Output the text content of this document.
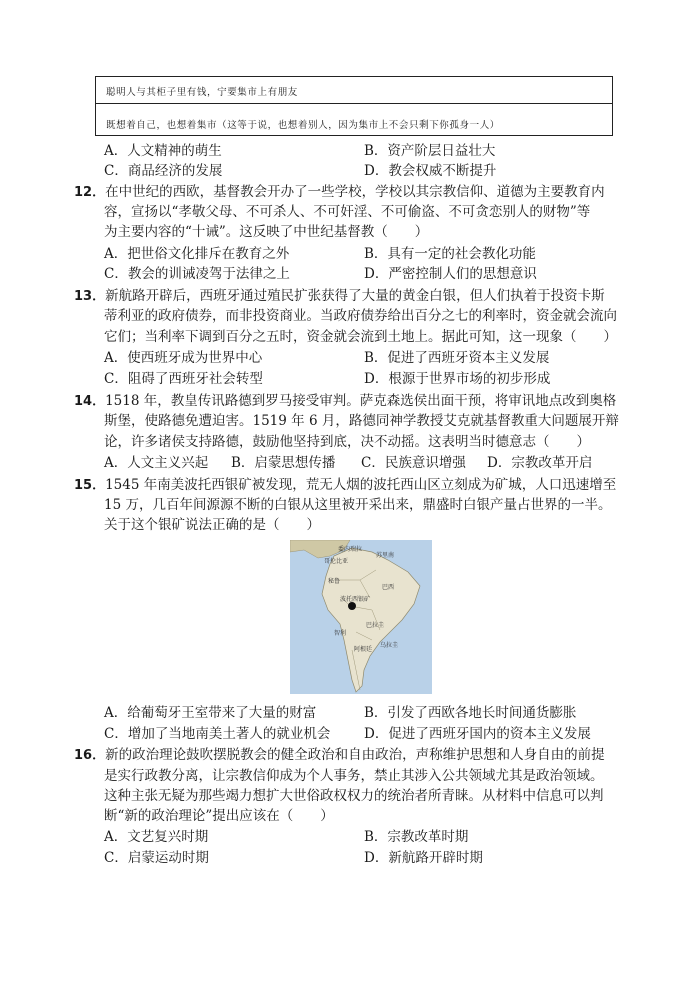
聪明人与其柜子里有钱，宁要集市上有朋友
既想着自己，也想着集市（这等于说，也想着别人，因为集市上不会只剩下你孤身一人）
A．人文精神的萌生	B．资产阶层日益壮大
C．商品经济的发展	D．教会权威不断提升
12．在中世纪的西欧，基督教会开办了一些学校，学校以其宗教信仰、道德为主要教育内
容，宣扬以“孝敬父母、不可杀人、不可奸淫、不可偷盗、不可贪恋别人的财物”等
为主要内容的“十诫”。这反映了中世纪基督教（　　）
A．把世俗文化排斥在教育之外	B．具有一定的社会教化功能
C．教会的训诫凌驾于法律之上	D．严密控制人们的思想意识
13．新航路开辟后，西班牙通过殖民扩张获得了大量的黄金白银，但人们执着于投资卡斯
蒂利亚的政府债券，而非投资商业。当政府债券给出百分之七的利率时，资金就会流向
它们；当利率下调到百分之五时，资金就会流到土地上。据此可知，这一现象（　　）
A．使西班牙成为世界中心	B．促进了西班牙资本主义发展
C．阻碍了西班牙社会转型	D．根源于世界市场的初步形成
14．1518 年，教皇传讯路德到罗马接受审判。萨克森选侯出面干预，将审讯地点改到奥格
斯堡，使路德免遭迫害。1519 年 6 月，路德同神学教授艾克就基督教重大问题展开辩
论，许多诸侯支持路德，鼓励他坚持到底，决不动摇。这表明当时德意志（　　）
A．人文主义兴起 B．启蒙思想传播 C．民族意识增强 D．宗教改革开启
15．1545 年南美波托西银矿被发现，荒无人烟的波托西山区立刻成为矿城，人口迅速增至
15 万，几百年间源源不断的白银从这里被开采出来，鼎盛时白银产量占世界的一半。
关于这个银矿说法正确的是（　　）
委内瑞拉
哥伦比亚
苏里南
秘鲁
巴西
波托西银矿
巴拉圭
智利
阿根廷
乌拉圭
A．给葡萄牙王室带来了大量的财富	B．引发了西欧各地长时间通货膨胀
C．增加了当地南美土著人的就业机会 D．促进了西班牙国内的资本主义发展
16．新的政治理论鼓吹摆脱教会的健全政治和自由政治，声称维护思想和人身自由的前提
是实行政教分离，让宗教信仰成为个人事务，禁止其涉入公共领域尤其是政治领域。
这种主张无疑为那些竭力想扩大世俗政权权力的统治者所青睐。从材料中信息可以判
断“新的政治理论”提出应该在（　　）
A．文艺复兴时期	B．宗教改革时期
C．启蒙运动时期	D．新航路开辟时期
